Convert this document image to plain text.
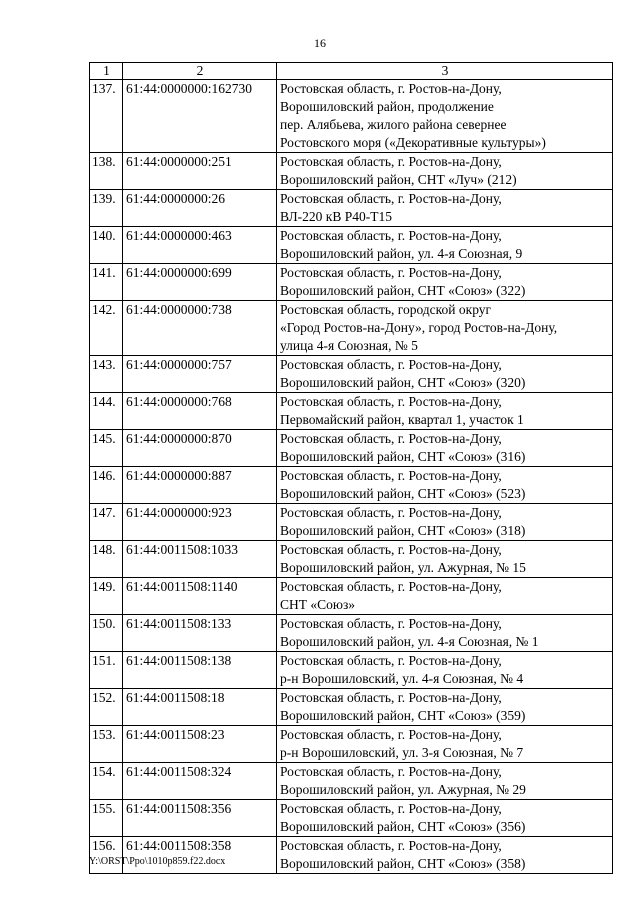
16
1	2	3
137.	61:44:0000000:162730	Ростовская область, г. Ростов-на-Дону,
Ворошиловский район, продолжение
пер. Алябьева, жилого района севернее
Ростовского моря («Декоративные культуры»)

138.	61:44:0000000:251	Ростовская область, г. Ростов-на-Дону,
Ворошиловский район, СНТ «Луч» (212)

139.	61:44:0000000:26	Ростовская область, г. Ростов-на-Дону,
ВЛ-220 кВ Р40-Т15

140.	61:44:0000000:463	Ростовская область, г. Ростов-на-Дону,
Ворошиловский район, ул. 4-я Союзная, 9

141.	61:44:0000000:699	Ростовская область, г. Ростов-на-Дону,
Ворошиловский район, СНТ «Союз» (322)

142.	61:44:0000000:738	Ростовская область, городской округ
«Город Ростов-на-Дону», город Ростов-на-Дону,
улица 4-я Союзная, № 5

143.	61:44:0000000:757	Ростовская область, г. Ростов-на-Дону,
Ворошиловский район, СНТ «Союз» (320)

144.	61:44:0000000:768	Ростовская область, г. Ростов-на-Дону,
Первомайский район, квартал 1, участок 1

145.	61:44:0000000:870	Ростовская область, г. Ростов-на-Дону,
Ворошиловский район, СНТ «Союз» (316)

146.	61:44:0000000:887	Ростовская область, г. Ростов-на-Дону,
Ворошиловский район, СНТ «Союз» (523)

147.	61:44:0000000:923	Ростовская область, г. Ростов-на-Дону,
Ворошиловский район, СНТ «Союз» (318)

148.	61:44:0011508:1033	Ростовская область, г. Ростов-на-Дону,
Ворошиловский район, ул. Ажурная, № 15

149.	61:44:0011508:1140	Ростовская область, г. Ростов-на-Дону,
СНТ «Союз»

150.	61:44:0011508:133	Ростовская область, г. Ростов-на-Дону,
Ворошиловский район, ул. 4-я Союзная, № 1

151.	61:44:0011508:138	Ростовская область, г. Ростов-на-Дону,
р-н Ворошиловский, ул. 4-я Союзная, № 4

152.	61:44:0011508:18	Ростовская область, г. Ростов-на-Дону,
Ворошиловский район, СНТ «Союз» (359)

153.	61:44:0011508:23	Ростовская область, г. Ростов-на-Дону,
р-н Ворошиловский, ул. 3-я Союзная, № 7

154.	61:44:0011508:324	Ростовская область, г. Ростов-на-Дону,
Ворошиловский район, ул. Ажурная, № 29

155.	61:44:0011508:356	Ростовская область, г. Ростов-на-Дону,
Ворошиловский район, СНТ «Союз» (356)

156.	61:44:0011508:358	Ростовская область, г. Ростов-на-Дону,
Ворошиловский район, СНТ «Союз» (358)
Y:\ORST\Ppo\1010p859.f22.docx
